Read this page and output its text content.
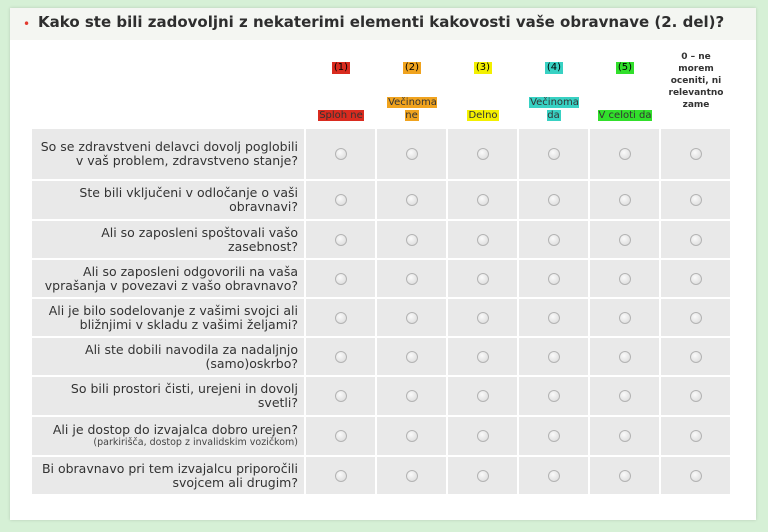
• Kako ste bili zadovoljni z nekaterimi elementi kakovosti vaše obravnave (2. del)?
(1)
Sploh ne
(2)
Večinoma ne
(3)
Delno
(4)
Večinoma da
(5)
V celoti da
0 – ne morem oceniti, ni relevantno zame
So se zdravstveni delavci dovolj poglobili v vaš problem, zdravstveno stanje?
Ste bili vključeni v odločanje o vaši obravnavi?
Ali so zaposleni spoštovali vašo zasebnost?
Ali so zaposleni odgovorili na vaša vprašanja v povezavi z vašo obravnavo?
Ali je bilo sodelovanje z vašimi svojci ali bližnjimi v skladu z vašimi željami?
Ali ste dobili navodila za nadaljnjo (samo)oskrbo?
So bili prostori čisti, urejeni in dovolj svetli?
Ali je dostop do izvajalca dobro urejen?
(parkirišča, dostop z invalidskim vozičkom)
Bi obravnavo pri tem izvajalcu priporočili svojcem ali drugim?
